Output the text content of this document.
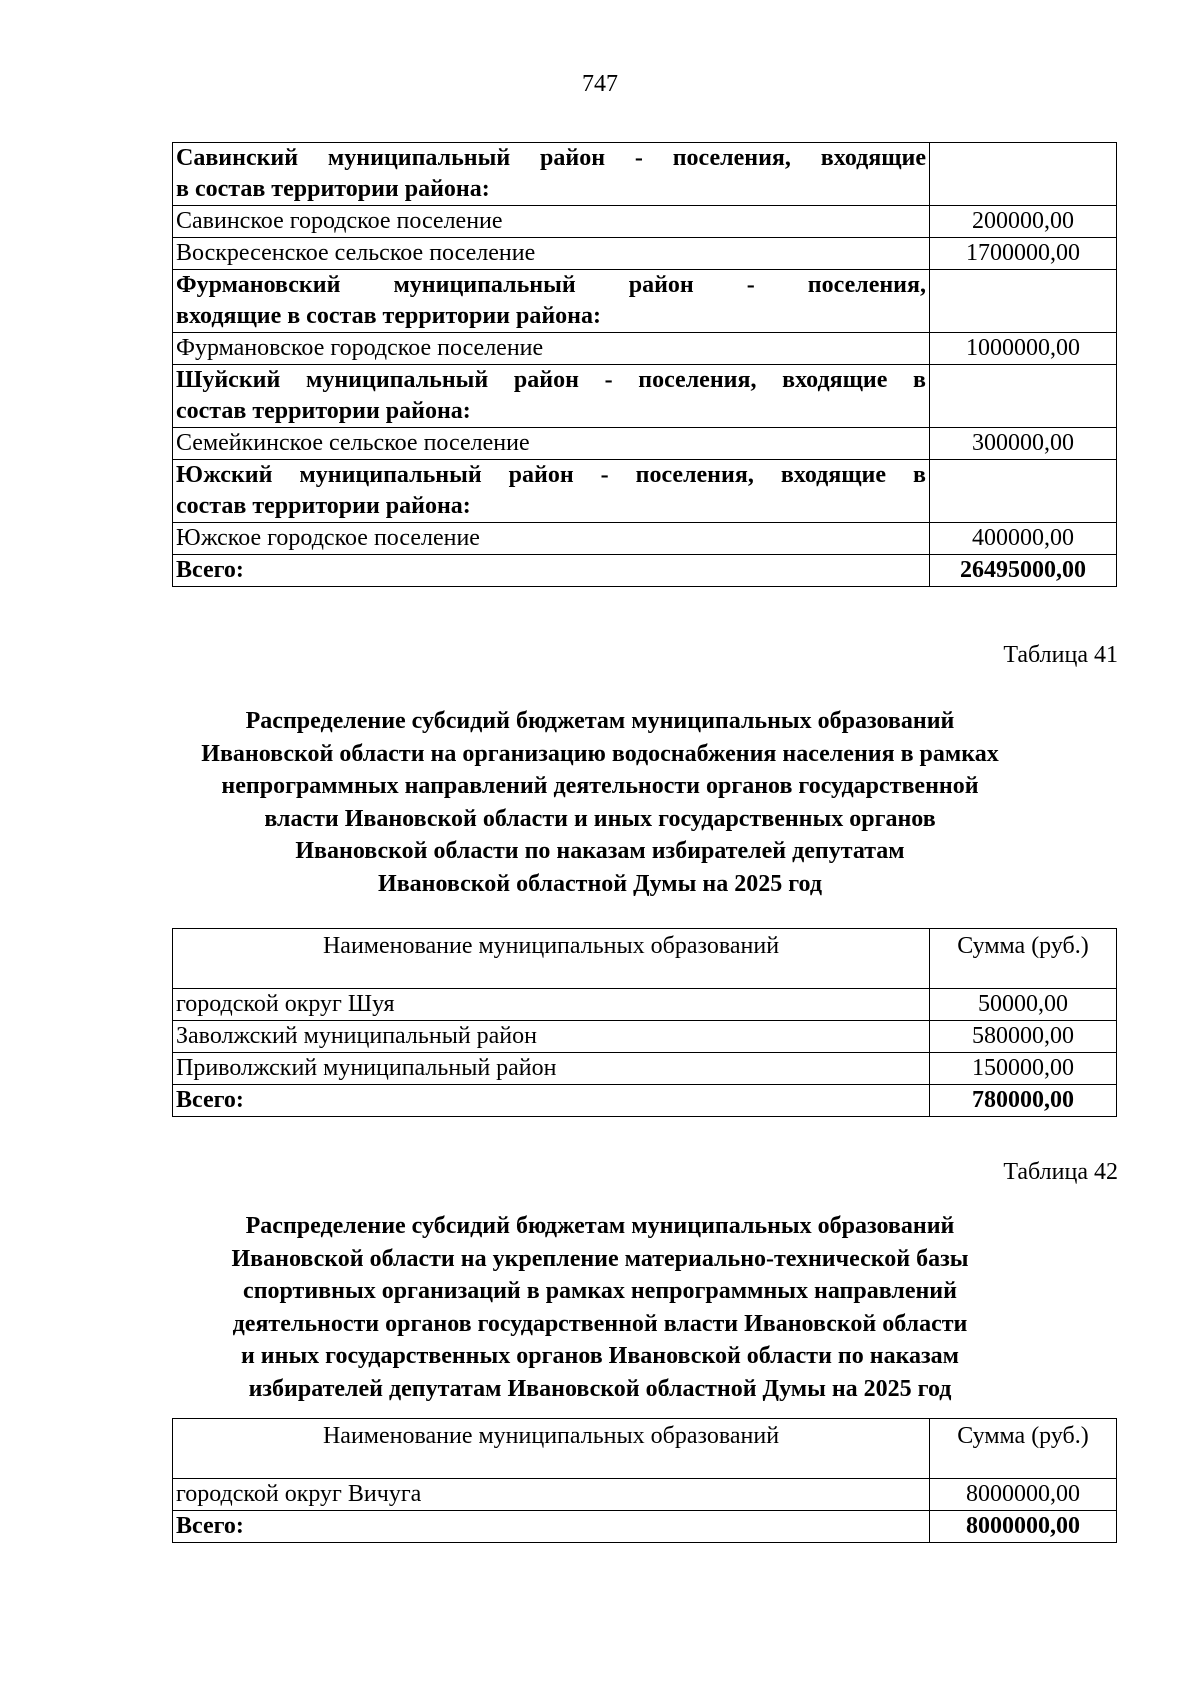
747
Савинский муниципальный район - поселения, входящие
в состав территории района:	

Савинское городское поселение	200000,00

Воскресенское сельское поселение	1700000,00

Фурмановский муниципальный район - поселения,
входящие в состав территории района:	

Фурмановское городское поселение	1000000,00

Шуйский муниципальный район - поселения, входящие в
состав территории района:	

Семейкинское сельское поселение	300000,00

Южский муниципальный район - поселения, входящие в
состав территории района:	

Южское городское поселение	400000,00

Всего:	26495000,00
Таблица 41
Распределение субсидий бюджетам муниципальных образований
Ивановской области на организацию водоснабжения населения в рамках
непрограммных направлений деятельности органов государственной
власти Ивановской области и иных государственных органов
Ивановской области по наказам избирателей депутатам
Ивановской областной Думы на 2025 год
Наименование муниципальных образований	Сумма (руб.)
городской округ Шуя	50000,00
Заволжский муниципальный район	580000,00
Приволжский муниципальный район	150000,00
Всего:	780000,00
Таблица 42
Распределение субсидий бюджетам муниципальных образований
Ивановской области на укрепление материально-технической базы
спортивных организаций в рамках непрограммных направлений
деятельности органов государственной власти Ивановской области
и иных государственных органов Ивановской области по наказам
избирателей депутатам Ивановской областной Думы на 2025 год
Наименование муниципальных образований	Сумма (руб.)
городской округ Вичуга	8000000,00
Всего:	8000000,00
